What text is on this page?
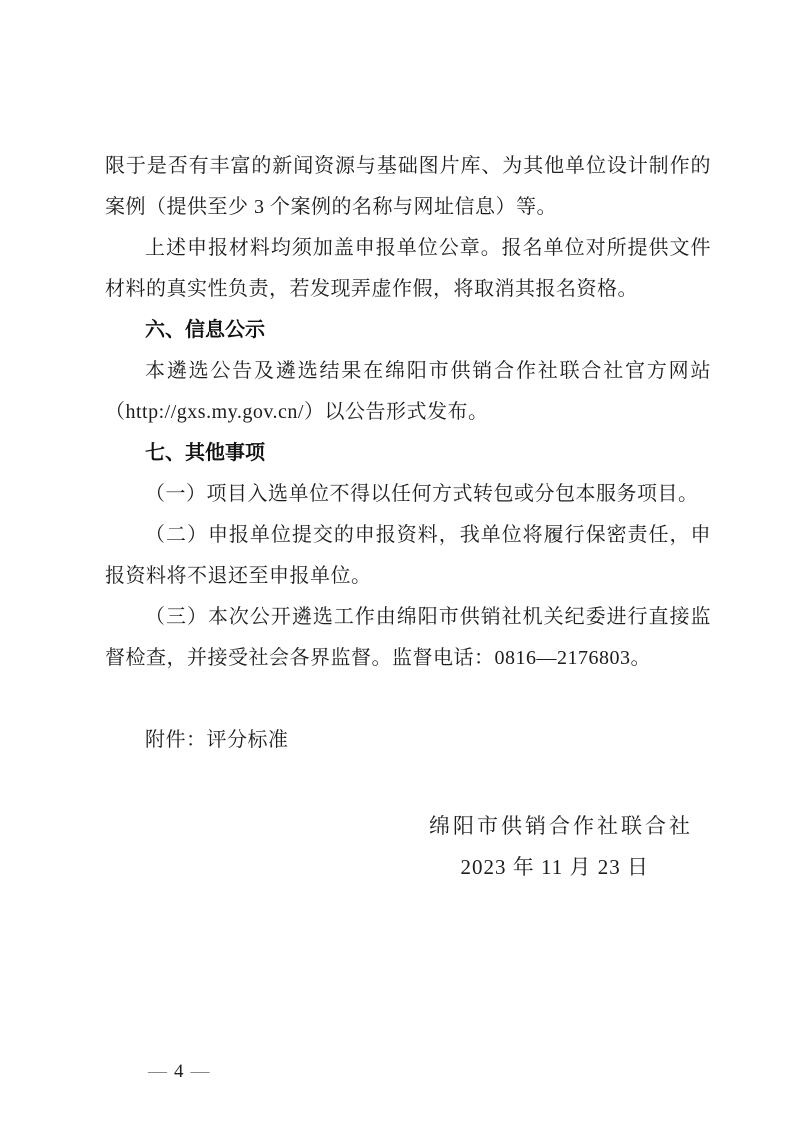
限于是否有丰富的新闻资源与基础图片库、为其他单位设计制作的案例（提供至少 3 个案例的名称与网址信息）等。

上述申报材料均须加盖申报单位公章。报名单位对所提供文件材料的真实性负责，若发现弄虚作假，将取消其报名资格。

六、信息公示

本遴选公告及遴选结果在绵阳市供销合作社联合社官方网站（http://gxs.my.gov.cn/）以公告形式发布。

七、其他事项

（一）项目入选单位不得以任何方式转包或分包本服务项目。

（二）申报单位提交的申报资料，我单位将履行保密责任，申报资料将不退还至申报单位。

（三）本次公开遴选工作由绵阳市供销社机关纪委进行直接监督检查，并接受社会各界监督。监督电话：0816—2176803。

附件：评分标准

绵阳市供销合作社联合社
2023 年 11 月 23 日

— 4 —
